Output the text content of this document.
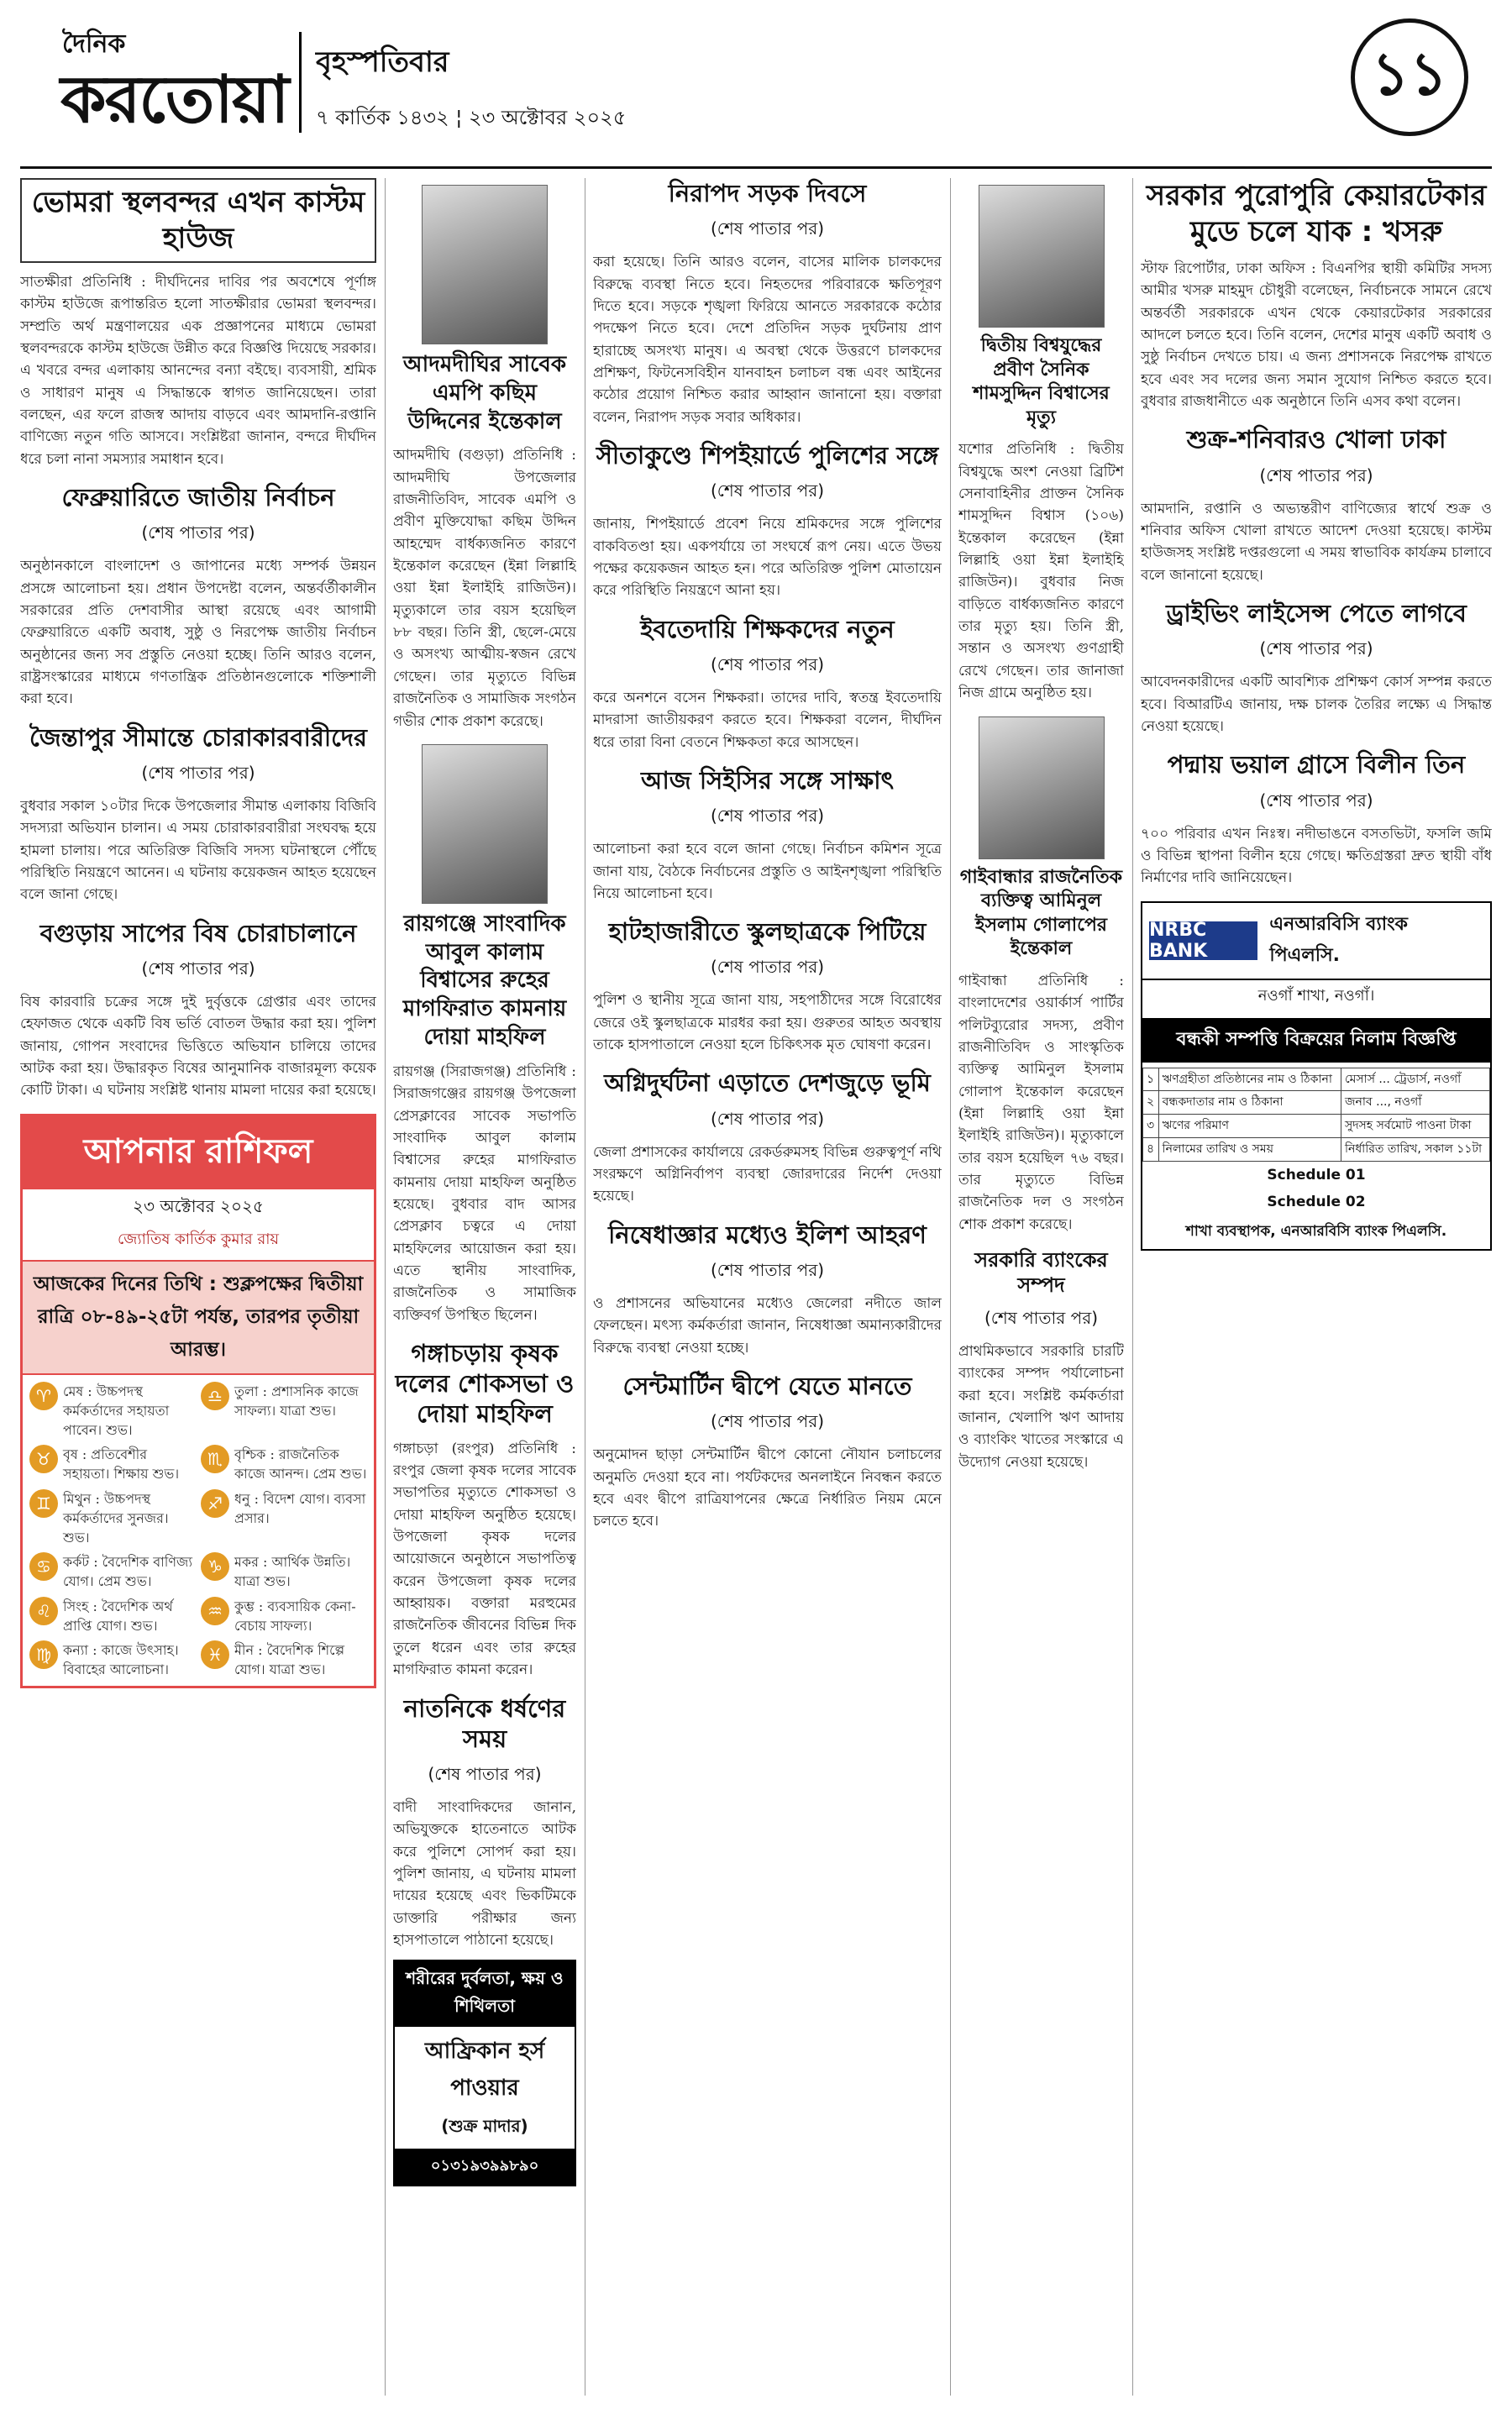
দৈনিক
করতোয়া বৃহস্পতিবার
৭ কার্তিক ১৪৩২ ¦ ২৩ অক্টোবর ২০২৫
১১
ভোমরা স্থলবন্দর এখন কাস্টম হাউজ
সাতক্ষীরা প্রতিনিধি : দীর্ঘদিনের দাবির পর অবশেষে পূর্ণাঙ্গ কাস্টম হাউজে রূপান্তরিত হলো সাতক্ষীরার ভোমরা স্থলবন্দর। সম্প্রতি অর্থ মন্ত্রণালয়ের এক প্রজ্ঞাপনের মাধ্যমে ভোমরা স্থলবন্দরকে কাস্টম হাউজে উন্নীত করে বিজ্ঞপ্তি দিয়েছে সরকার। এ খবরে বন্দর এলাকায় আনন্দের বন্যা বইছে। ব্যবসায়ী, শ্রমিক ও সাধারণ মানুষ এ সিদ্ধান্তকে স্বাগত জানিয়েছেন। তারা বলছেন, এর ফলে রাজস্ব আদায় বাড়বে এবং আমদানি-রপ্তানি বাণিজ্যে নতুন গতি আসবে। সংশ্লিষ্টরা জানান, বন্দরে দীর্ঘদিন ধরে চলা নানা সমস্যার সমাধান হবে।
ফেব্রুয়ারিতে জাতীয় নির্বাচন
(শেষ পাতার পর)
অনুষ্ঠানকালে বাংলাদেশ ও জাপানের মধ্যে সম্পর্ক উন্নয়ন প্রসঙ্গে আলোচনা হয়। প্রধান উপদেষ্টা বলেন, অন্তর্বর্তীকালীন সরকারের প্রতি দেশবাসীর আস্থা রয়েছে এবং আগামী ফেব্রুয়ারিতে একটি অবাধ, সুষ্ঠু ও নিরপেক্ষ জাতীয় নির্বাচন অনুষ্ঠানের জন্য সব প্রস্তুতি নেওয়া হচ্ছে। তিনি আরও বলেন, রাষ্ট্রসংস্কারের মাধ্যমে গণতান্ত্রিক প্রতিষ্ঠানগুলোকে শক্তিশালী করা হবে।
জৈন্তাপুর সীমান্তে চোরাকারবারীদের
(শেষ পাতার পর)
বুধবার সকাল ১০টার দিকে উপজেলার সীমান্ত এলাকায় বিজিবি সদস্যরা অভিযান চালান। এ সময় চোরাকারবারীরা সংঘবদ্ধ হয়ে হামলা চালায়। পরে অতিরিক্ত বিজিবি সদস্য ঘটনাস্থলে পৌঁছে পরিস্থিতি নিয়ন্ত্রণে আনেন। এ ঘটনায় কয়েকজন আহত হয়েছেন বলে জানা গেছে।
বগুড়ায় সাপের বিষ চোরাচালানে
(শেষ পাতার পর)
বিষ কারবারি চক্রের সঙ্গে দুই দুর্বৃত্তকে গ্রেপ্তার এবং তাদের হেফাজত থেকে একটি বিষ ভর্তি বোতল উদ্ধার করা হয়। পুলিশ জানায়, গোপন সংবাদের ভিত্তিতে অভিযান চালিয়ে তাদের আটক করা হয়। উদ্ধারকৃত বিষের আনুমানিক বাজারমূল্য কয়েক কোটি টাকা। এ ঘটনায় সংশ্লিষ্ট থানায় মামলা দায়ের করা হয়েছে।
আপনার রাশিফল
২৩ অক্টোবর ২০২৫
জ্যোতিষ কার্তিক কুমার রায়
আজকের দিনের তিথি : শুক্লপক্ষের দ্বিতীয়া রাত্রি ০৮-৪৯-২৫টা পর্যন্ত, তারপর তৃতীয়া আরম্ভ।
♈ মেষ : উচ্চপদস্থ কর্মকর্তাদের সহায়তা পাবেন। শুভ।
♎ তুলা : প্রশাসনিক কাজে সাফল্য। যাত্রা শুভ।
♉ বৃষ : প্রতিবেশীর সহায়তা। শিক্ষায় শুভ।
♏ বৃশ্চিক : রাজনৈতিক কাজে আনন্দ। প্রেম শুভ।
♊ মিথুন : উচ্চপদস্থ কর্মকর্তাদের সুনজর। শুভ।
♐ ধনু : বিদেশ যোগ। ব্যবসা প্রসার।
♋ কর্কট : বৈদেশিক বাণিজ্য যোগ। প্রেম শুভ।
♑ মকর : আর্থিক উন্নতি। যাত্রা শুভ।
♌ সিংহ : বৈদেশিক অর্থ প্রাপ্তি যোগ। শুভ।
♒ কুম্ভ : ব্যবসায়িক কেনা-বেচায় সাফল্য।
♍ কন্যা : কাজে উৎসাহ। বিবাহের আলোচনা।
♓ মীন : বৈদেশিক শিল্পে যোগ। যাত্রা শুভ।
আদমদীঘির সাবেক এমপি কছিম উদ্দিনের ইন্তেকাল
আদমদীঘি (বগুড়া) প্রতিনিধি : আদমদীঘি উপজেলার রাজনীতিবিদ, সাবেক এমপি ও প্রবীণ মুক্তিযোদ্ধা কছিম উদ্দিন আহম্মেদ বার্ধক্যজনিত কারণে ইন্তেকাল করেছেন (ইন্না লিল্লাহি ওয়া ইন্না ইলাইহি রাজিউন)। মৃত্যুকালে তার বয়স হয়েছিল ৮৮ বছর। তিনি স্ত্রী, ছেলে-মেয়ে ও অসংখ্য আত্মীয়-স্বজন রেখে গেছেন। তার মৃত্যুতে বিভিন্ন রাজনৈতিক ও সামাজিক সংগঠন গভীর শোক প্রকাশ করেছে।
রায়গঞ্জে সাংবাদিক আবুল কালাম বিশ্বাসের রুহের মাগফিরাত কামনায় দোয়া মাহফিল
রায়গঞ্জ (সিরাজগঞ্জ) প্রতিনিধি : সিরাজগঞ্জের রায়গঞ্জ উপজেলা প্রেসক্লাবের সাবেক সভাপতি সাংবাদিক আবুল কালাম বিশ্বাসের রুহের মাগফিরাত কামনায় দোয়া মাহফিল অনুষ্ঠিত হয়েছে। বুধবার বাদ আসর প্রেসক্লাব চত্বরে এ দোয়া মাহফিলের আয়োজন করা হয়। এতে স্থানীয় সাংবাদিক, রাজনৈতিক ও সামাজিক ব্যক্তিবর্গ উপস্থিত ছিলেন।
গঙ্গাচড়ায় কৃষক দলের শোকসভা ও দোয়া মাহফিল
গঙ্গাচড়া (রংপুর) প্রতিনিধি : রংপুর জেলা কৃষক দলের সাবেক সভাপতির মৃত্যুতে শোকসভা ও দোয়া মাহফিল অনুষ্ঠিত হয়েছে। উপজেলা কৃষক দলের আয়োজনে অনুষ্ঠানে সভাপতিত্ব করেন উপজেলা কৃষক দলের আহ্বায়ক। বক্তারা মরহুমের রাজনৈতিক জীবনের বিভিন্ন দিক তুলে ধরেন এবং তার রুহের মাগফিরাত কামনা করেন।
নাতনিকে ধর্ষণের সময়
(শেষ পাতার পর)
বাদী সাংবাদিকদের জানান, অভিযুক্তকে হাতেনাতে আটক করে পুলিশে সোপর্দ করা হয়। পুলিশ জানায়, এ ঘটনায় মামলা দায়ের হয়েছে এবং ভিকটিমকে ডাক্তারি পরীক্ষার জন্য হাসপাতালে পাঠানো হয়েছে।
শরীরের দুর্বলতা, ক্ষয় ও শিথিলতা
আফ্রিকান হর্স পাওয়ার
(শুক্র মাদার)
০১৩১৯৩৯৯৮৯০
নিরাপদ সড়ক দিবসে
(শেষ পাতার পর)
করা হয়েছে। তিনি আরও বলেন, বাসের মালিক চালকদের বিরুদ্ধে ব্যবস্থা নিতে হবে। নিহতদের পরিবারকে ক্ষতিপূরণ দিতে হবে। সড়কে শৃঙ্খলা ফিরিয়ে আনতে সরকারকে কঠোর পদক্ষেপ নিতে হবে। দেশে প্রতিদিন সড়ক দুর্ঘটনায় প্রাণ হারাচ্ছে অসংখ্য মানুষ। এ অবস্থা থেকে উত্তরণে চালকদের প্রশিক্ষণ, ফিটনেসবিহীন যানবাহন চলাচল বন্ধ এবং আইনের কঠোর প্রয়োগ নিশ্চিত করার আহ্বান জানানো হয়। বক্তারা বলেন, নিরাপদ সড়ক সবার অধিকার।
সীতাকুণ্ডে শিপইয়ার্ডে পুলিশের সঙ্গে
(শেষ পাতার পর)
জানায়, শিপইয়ার্ডে প্রবেশ নিয়ে শ্রমিকদের সঙ্গে পুলিশের বাকবিতণ্ডা হয়। একপর্যায়ে তা সংঘর্ষে রূপ নেয়। এতে উভয় পক্ষের কয়েকজন আহত হন। পরে অতিরিক্ত পুলিশ মোতায়েন করে পরিস্থিতি নিয়ন্ত্রণে আনা হয়।
ইবতেদায়ি শিক্ষকদের নতুন
(শেষ পাতার পর)
করে অনশনে বসেন শিক্ষকরা। তাদের দাবি, স্বতন্ত্র ইবতেদায়ি মাদরাসা জাতীয়করণ করতে হবে। শিক্ষকরা বলেন, দীর্ঘদিন ধরে তারা বিনা বেতনে শিক্ষকতা করে আসছেন।
আজ সিইসির সঙ্গে সাক্ষাৎ
(শেষ পাতার পর)
আলোচনা করা হবে বলে জানা গেছে। নির্বাচন কমিশন সূত্রে জানা যায়, বৈঠকে নির্বাচনের প্রস্তুতি ও আইনশৃঙ্খলা পরিস্থিতি নিয়ে আলোচনা হবে।
হাটহাজারীতে স্কুলছাত্রকে পিটিয়ে
(শেষ পাতার পর)
পুলিশ ও স্থানীয় সূত্রে জানা যায়, সহপাঠীদের সঙ্গে বিরোধের জেরে ওই স্কুলছাত্রকে মারধর করা হয়। গুরুতর আহত অবস্থায় তাকে হাসপাতালে নেওয়া হলে চিকিৎসক মৃত ঘোষণা করেন।
অগ্নিদুর্ঘটনা এড়াতে দেশজুড়ে ভূমি
(শেষ পাতার পর)
জেলা প্রশাসকের কার্যালয়ে রেকর্ডরুমসহ বিভিন্ন গুরুত্বপূর্ণ নথি সংরক্ষণে অগ্নিনির্বাপণ ব্যবস্থা জোরদারের নির্দেশ দেওয়া হয়েছে।
নিষেধাজ্ঞার মধ্যেও ইলিশ আহরণ
(শেষ পাতার পর)
ও প্রশাসনের অভিযানের মধ্যেও জেলেরা নদীতে জাল ফেলছেন। মৎস্য কর্মকর্তারা জানান, নিষেধাজ্ঞা অমান্যকারীদের বিরুদ্ধে ব্যবস্থা নেওয়া হচ্ছে।
সেন্টমার্টিন দ্বীপে যেতে মানতে
(শেষ পাতার পর)
অনুমোদন ছাড়া সেন্টমার্টিন দ্বীপে কোনো নৌযান চলাচলের অনুমতি দেওয়া হবে না। পর্যটকদের অনলাইনে নিবন্ধন করতে হবে এবং দ্বীপে রাত্রিযাপনের ক্ষেত্রে নির্ধারিত নিয়ম মেনে চলতে হবে।
দ্বিতীয় বিশ্বযুদ্ধের প্রবীণ সৈনিক শামসুদ্দিন বিশ্বাসের মৃত্যু
যশোর প্রতিনিধি : দ্বিতীয় বিশ্বযুদ্ধে অংশ নেওয়া ব্রিটিশ সেনাবাহিনীর প্রাক্তন সৈনিক শামসুদ্দিন বিশ্বাস (১০৬) ইন্তেকাল করেছেন (ইন্না লিল্লাহি ওয়া ইন্না ইলাইহি রাজিউন)। বুধবার নিজ বাড়িতে বার্ধক্যজনিত কারণে তার মৃত্যু হয়। তিনি স্ত্রী, সন্তান ও অসংখ্য গুণগ্রাহী রেখে গেছেন। তার জানাজা নিজ গ্রামে অনুষ্ঠিত হয়।
গাইবান্ধার রাজনৈতিক ব্যক্তিত্ব আমিনুল ইসলাম গোলাপের ইন্তেকাল
গাইবান্ধা প্রতিনিধি : বাংলাদেশের ওয়ার্কার্স পার্টির পলিটব্যুরোর সদস্য, প্রবীণ রাজনীতিবিদ ও সাংস্কৃতিক ব্যক্তিত্ব আমিনুল ইসলাম গোলাপ ইন্তেকাল করেছেন (ইন্না লিল্লাহি ওয়া ইন্না ইলাইহি রাজিউন)। মৃত্যুকালে তার বয়স হয়েছিল ৭৬ বছর। তার মৃত্যুতে বিভিন্ন রাজনৈতিক দল ও সংগঠন শোক প্রকাশ করেছে।
সরকারি ব্যাংকের সম্পদ
(শেষ পাতার পর)
প্রাথমিকভাবে সরকারি চারটি ব্যাংকের সম্পদ পর্যালোচনা করা হবে। সংশ্লিষ্ট কর্মকর্তারা জানান, খেলাপি ঋণ আদায় ও ব্যাংকিং খাতের সংস্কারে এ উদ্যোগ নেওয়া হয়েছে।
সরকার পুরোপুরি কেয়ারটেকার মুডে চলে যাক : খসরু
স্টাফ রিপোর্টার, ঢাকা অফিস : বিএনপির স্থায়ী কমিটির সদস্য আমীর খসরু মাহমুদ চৌধুরী বলেছেন, নির্বাচনকে সামনে রেখে অন্তর্বর্তী সরকারকে এখন থেকে কেয়ারটেকার সরকারের আদলে চলতে হবে। তিনি বলেন, দেশের মানুষ একটি অবাধ ও সুষ্ঠু নির্বাচন দেখতে চায়। এ জন্য প্রশাসনকে নিরপেক্ষ রাখতে হবে এবং সব দলের জন্য সমান সুযোগ নিশ্চিত করতে হবে। বুধবার রাজধানীতে এক অনুষ্ঠানে তিনি এসব কথা বলেন।
শুক্র-শনিবারও খোলা ঢাকা
(শেষ পাতার পর)
আমদানি, রপ্তানি ও অভ্যন্তরীণ বাণিজ্যের স্বার্থে শুক্র ও শনিবার অফিস খোলা রাখতে আদেশ দেওয়া হয়েছে। কাস্টম হাউজসহ সংশ্লিষ্ট দপ্তরগুলো এ সময় স্বাভাবিক কার্যক্রম চালাবে বলে জানানো হয়েছে।
ড্রাইভিং লাইসেন্স পেতে লাগবে
(শেষ পাতার পর)
আবেদনকারীদের একটি আবশ্যিক প্রশিক্ষণ কোর্স সম্পন্ন করতে হবে। বিআরটিএ জানায়, দক্ষ চালক তৈরির লক্ষ্যে এ সিদ্ধান্ত নেওয়া হয়েছে।
পদ্মায় ভয়াল গ্রাসে বিলীন তিন
(শেষ পাতার পর)
৭০০ পরিবার এখন নিঃস্ব। নদীভাঙনে বসতভিটা, ফসলি জমি ও বিভিন্ন স্থাপনা বিলীন হয়ে গেছে। ক্ষতিগ্রস্তরা দ্রুত স্থায়ী বাঁধ নির্মাণের দাবি জানিয়েছেন।
NRBC BANK
এনআরবিসি ব্যাংক পিএলসি.
নওগাঁ শাখা, নওগাঁ।
বন্ধকী সম্পত্তি বিক্রয়ের নিলাম বিজ্ঞপ্তি
১	ঋণগ্রহীতা প্রতিষ্ঠানের নাম ও ঠিকানা	মেসার্স ... ট্রেডার্স, নওগাঁ
২	বন্ধকদাতার নাম ও ঠিকানা	জনাব ..., নওগাঁ
৩	ঋণের পরিমাণ	সুদসহ সর্বমোট পাওনা টাকা
৪	নিলামের তারিখ ও সময়	নির্ধারিত তারিখ, সকাল ১১টা
Schedule 01
Schedule 02
শাখা ব্যবস্থাপক, এনআরবিসি ব্যাংক পিএলসি.
